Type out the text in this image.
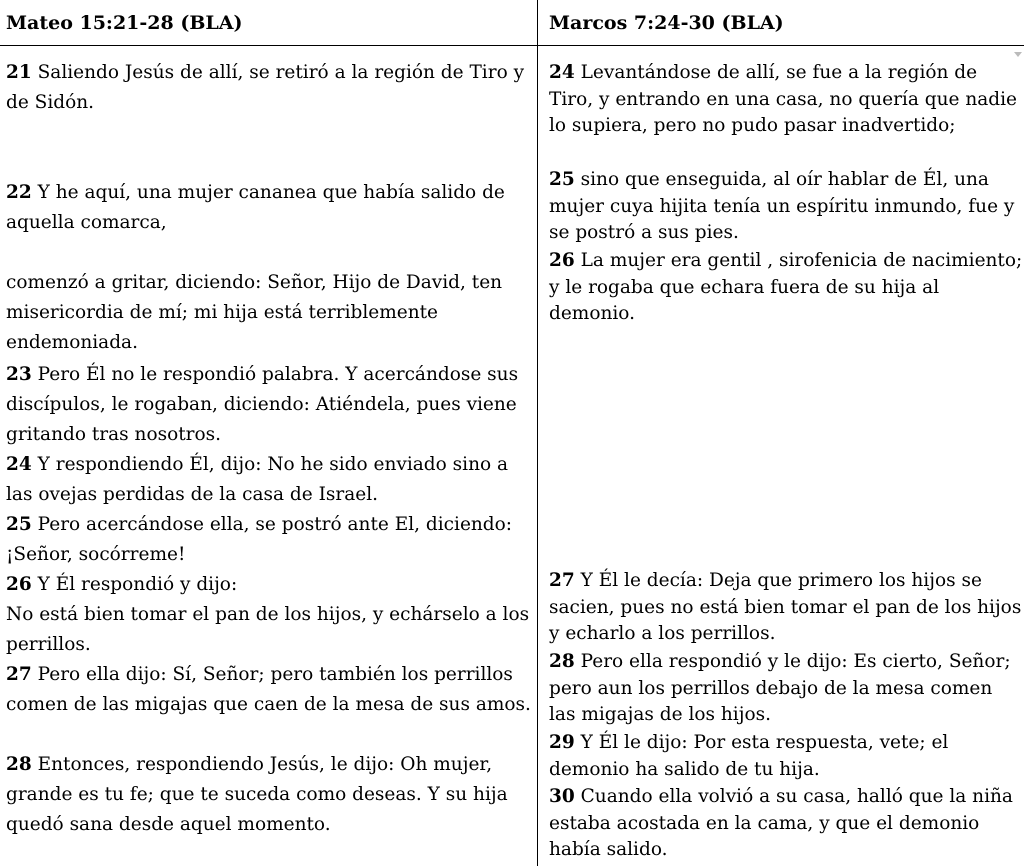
Mateo 15:21-28 (BLA)	Marcos 7:24-30 (BLA)
21 Saliendo Jesús de allí, se retiró a la región de Tiro y de Sidón.
22 Y he aquí, una mujer cananea que había salido de aquella comarca,
comenzó a gritar, diciendo: Señor, Hijo de David, ten misericordia de mí; mi hija está terriblemente endemoniada.
23 Pero Él no le respondió palabra. Y acercándose sus discípulos, le rogaban, diciendo: Atiéndela, pues viene gritando tras nosotros.
24 Y respondiendo Él, dijo: No he sido enviado sino a las ovejas perdidas de la casa de Israel.
25 Pero acercándose ella, se postró ante El, diciendo: ¡Señor, socórreme!
26 Y Él respondió y dijo:
No está bien tomar el pan de los hijos, y echárselo a los perrillos.
27 Pero ella dijo: Sí, Señor; pero también los perrillos comen de las migajas que caen de la mesa de sus amos.
28 Entonces, respondiendo Jesús, le dijo: Oh mujer, grande es tu fe; que te suceda como deseas. Y su hija quedó sana desde aquel momento.
24 Levantándose de allí, se fue a la región de Tiro, y entrando en una casa, no quería que nadie lo supiera, pero no pudo pasar inadvertido;
25 sino que enseguida, al oír hablar de Él, una mujer cuya hijita tenía un espíritu inmundo, fue y se postró a sus pies.
26 La mujer era gentil , sirofenicia de nacimiento; y le rogaba que echara fuera de su hija al demonio.
27 Y Él le decía: Deja que primero los hijos se sacien, pues no está bien tomar el pan de los hijos y echarlo a los perrillos.
28 Pero ella respondió y le dijo: Es cierto, Señor; pero aun los perrillos debajo de la mesa comen las migajas de los hijos.
29 Y Él le dijo: Por esta respuesta, vete; el demonio ha salido de tu hija.
30 Cuando ella volvió a su casa, halló que la niña estaba acostada en la cama, y que el demonio había salido.
